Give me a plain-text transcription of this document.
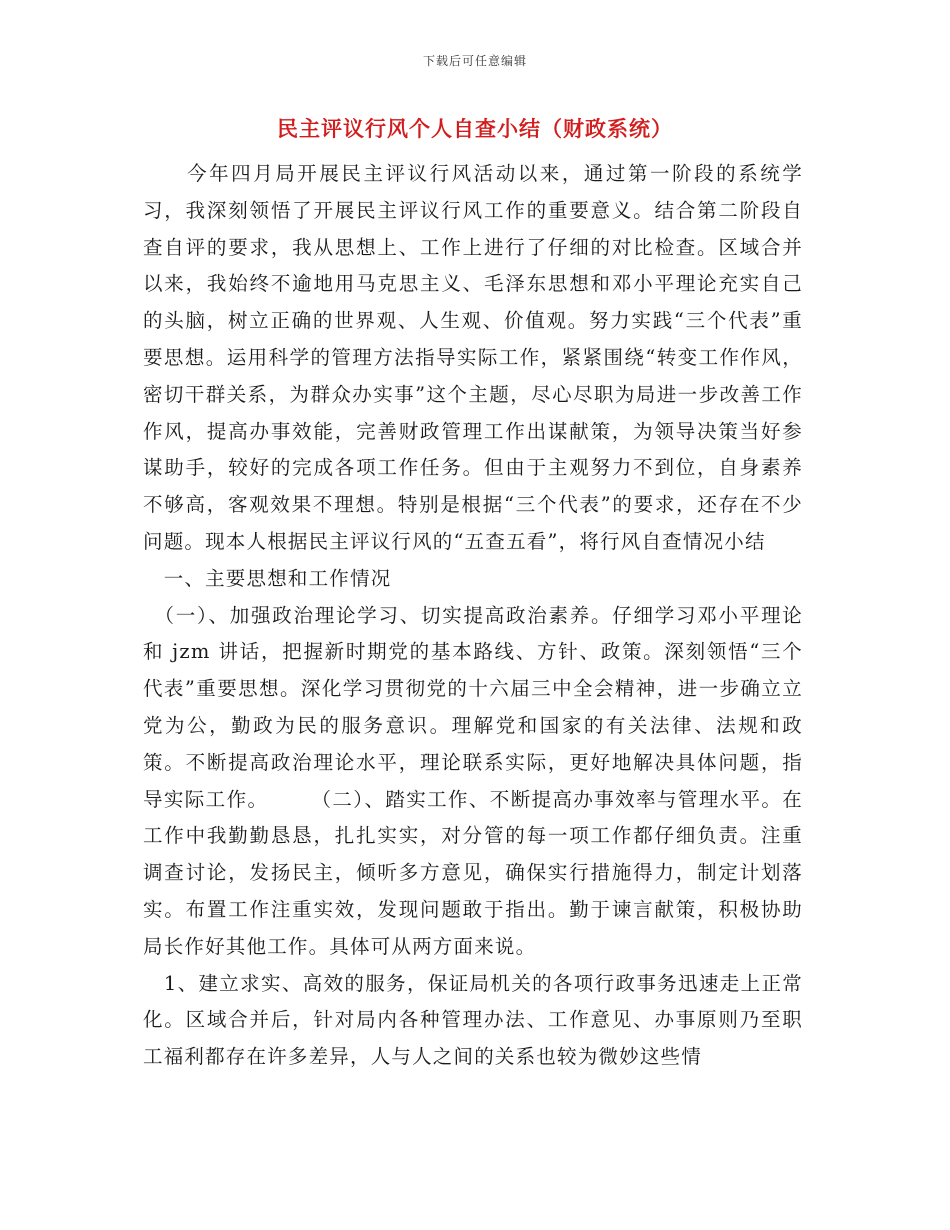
下载后可任意编辑
民主评议行风个人自查小结（财政系统）

　　今年四月局开展民主评议行风活动以来，通过第一阶段的系统学习，我深刻领悟了开展民主评议行风工作的重要意义。结合第二阶段自查自评的要求，我从思想上、工作上进行了仔细的对比检查。区域合并以来，我始终不逾地用马克思主义、毛泽东思想和邓小平理论充实自己的头脑，树立正确的世界观、人生观、价值观。努力实践“三个代表”重要思想。运用科学的管理方法指导实际工作，紧紧围绕“转变工作作风，密切干群关系，为群众办实事”这个主题，尽心尽职为局进一步改善工作作风，提高办事效能，完善财政管理工作出谋献策，为领导决策当好参谋助手，较好的完成各项工作任务。但由于主观努力不到位，自身素养不够高，客观效果不理想。特别是根据“三个代表”的要求，还存在不少问题。现本人根据民主评议行风的“五查五看”，将行风自查情况小结

　一、主要思想和工作情况

　（一）、加强政治理论学习、切实提高政治素养。仔细学习邓小平理论和 jzm 讲话，把握新时期党的基本路线、方针、政策。深刻领悟“三个代表”重要思想。深化学习贯彻党的十六届三中全会精神，进一步确立立党为公，勤政为民的服务意识。理解党和国家的有关法律、法规和政策。不断提高政治理论水平，理论联系实际，更好地解决具体问题，指导实际工作。　　　（二）、踏实工作、不断提高办事效率与管理水平。在工作中我勤勤恳恳，扎扎实实，对分管的每一项工作都仔细负责。注重调查讨论，发扬民主，倾听多方意见，确保实行措施得力，制定计划落实。布置工作注重实效，发现问题敢于指出。勤于谏言献策，积极协助局长作好其他工作。具体可从两方面来说。

　1、建立求实、高效的服务，保证局机关的各项行政事务迅速走上正常化。区域合并后，针对局内各种管理办法、工作意见、办事原则乃至职工福利都存在许多差异，人与人之间的关系也较为微妙这些情
